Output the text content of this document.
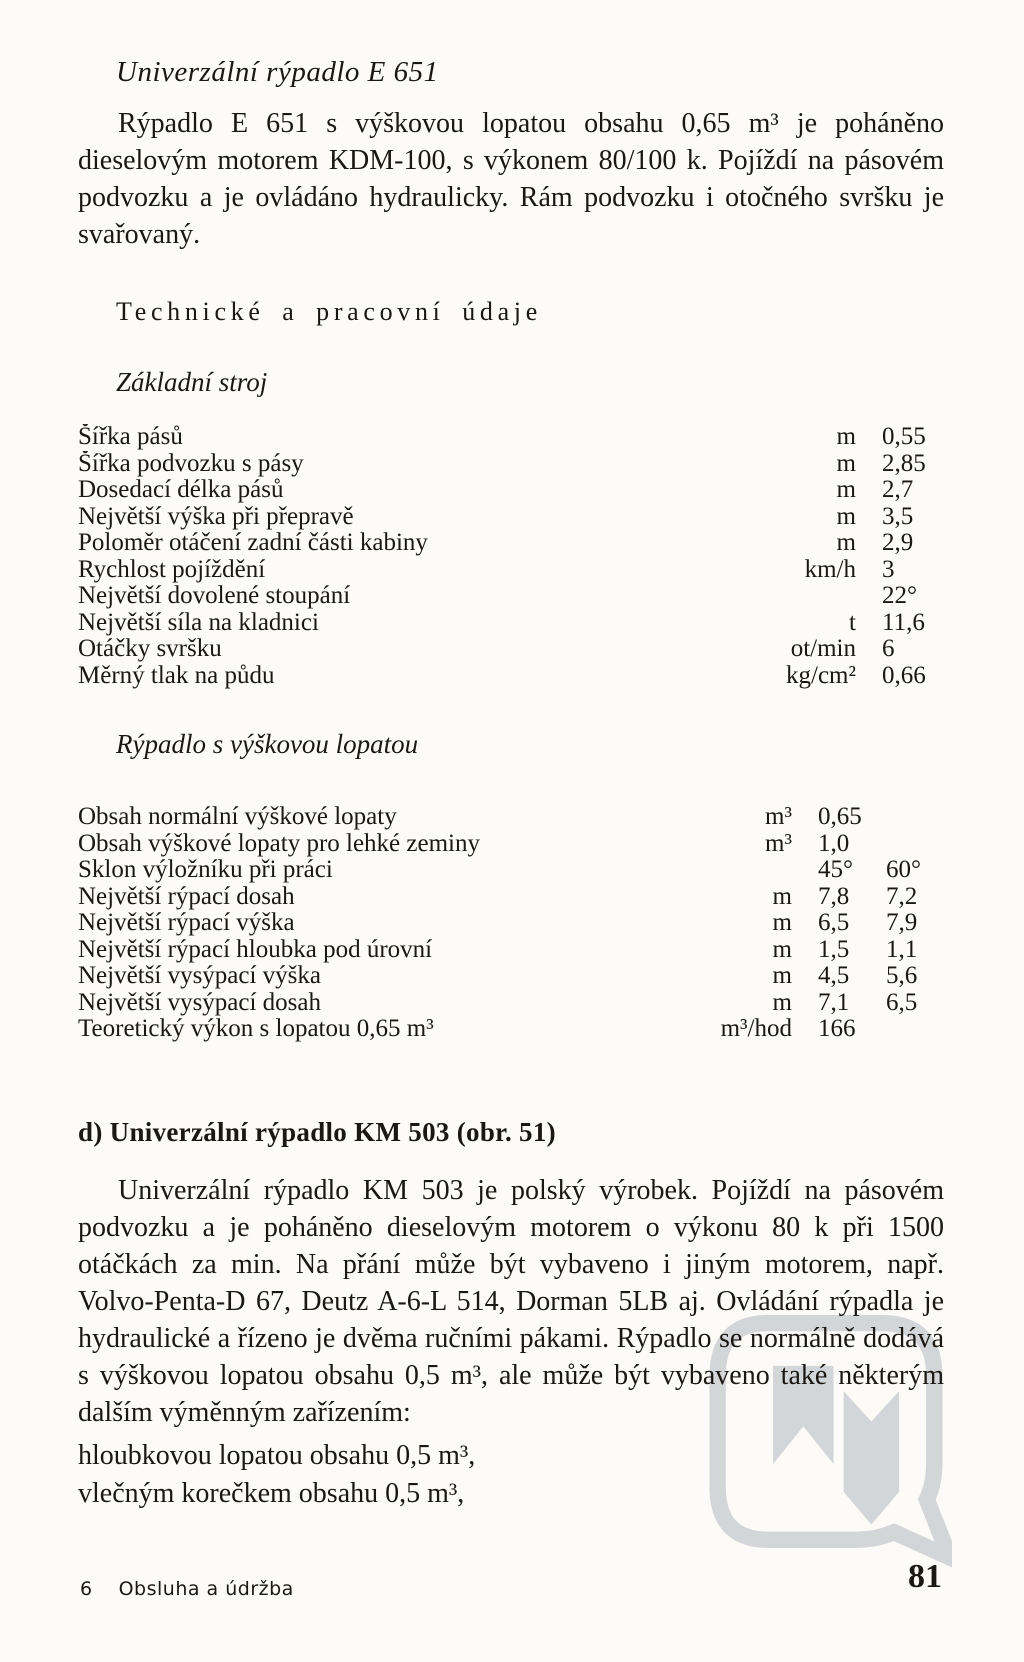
Univerzální rýpadlo E 651

Rýpadlo E 651 s výškovou lopatou obsahu 0,65 m³ je poháněno dieselovým motorem KDM-100, s výkonem 80/100 k. Pojíždí na pásovém podvozku a je ovládáno hydraulicky. Rám podvozku i otočného svršku je svařovaný.

Technické a pracovní údaje
Základní stroj
Šířka pásů	m 0,55
Šířka podvozku s pásy	m 2,85
Dosedací délka pásů	m 2,7
Největší výška při přepravě	m 3,5
Poloměr otáčení zadní části kabiny	m 2,9
Rychlost pojíždění	km/h 3
Největší dovolené stoupání	22°
Největší síla na kladnici	t 11,6
Otáčky svršku	ot/min 6
Měrný tlak na půdu	kg/cm² 0,66
Rýpadlo s výškovou lopatou
Obsah normální výškové lopaty	m³ 0,65
Obsah výškové lopaty pro lehké zeminy	m³ 1,0
Sklon výložníku při práci	45°	60°
Největší rýpací dosah	m 7,8	7,2
Největší rýpací výška	m 6,5	7,9
Největší rýpací hloubka pod úrovní	m 1,5	1,1
Největší vysýpací výška	m 4,5	5,6
Největší vysýpací dosah	m 7,1	6,5
Teoretický výkon s lopatou 0,65 m³	m³/hod 166
d) Univerzální rýpadlo KM 503 (obr. 51)

Univerzální rýpadlo KM 503 je polský výrobek. Pojíždí na pásovém podvozku a je poháněno dieselovým motorem o výkonu 80 k při 1500 otáčkách za min. Na přání může být vybaveno i jiným motorem, např. Volvo-Penta-D 67, Deutz A-6-L 514, Dorman 5LB aj. Ovládání rýpadla je hydraulické a řízeno je dvěma ručními pákami. Rýpadlo se normálně dodává s výškovou lopatou obsahu 0,5 m³, ale může být vybaveno také některým dalším výměnným zařízením:

hloubkovou lopatou obsahu 0,5 m³,
vlečným korečkem obsahu 0,5 m³,
6 Obsluha a údržba	81
